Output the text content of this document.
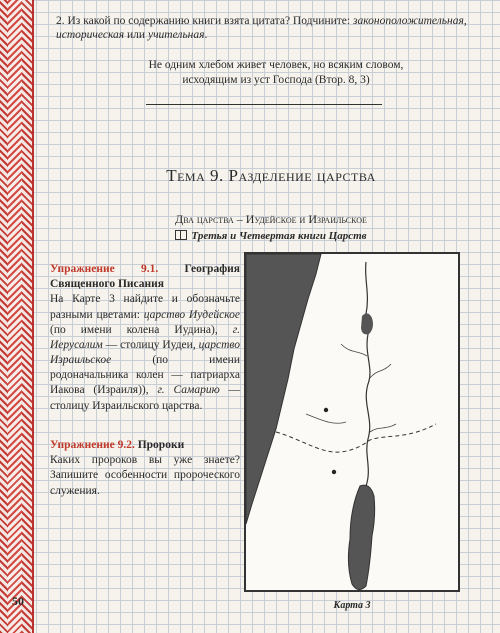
2. Из какой по содержанию книги взята цитата? Подчините: законоположительная, историческая или учительная.
Не одним хлебом живет человек, но всяким словом,
исходящим из уст Господа (Втор. 8, 3)
Тема 9. Разделение царства
Два царства – Иудейское и Израильское
Третья и Четвертая книги Царств
Упражнение 9.1. География Священного Писания
На Карте 3 найдите и обозначьте разными цветами: царство Иудейское (по имени колена Иудина), г. Иерусалим — столицу Иудеи, царство Израильское	(по имени родоначальника колен — патриарха Иакова (Израиля)), г. Самарию — столицу Израильского царства.
Упражнение 9.2. Пророки
Каких пророков вы уже знаете? Запишите особенности пророческого служения.
Карта 3
50
